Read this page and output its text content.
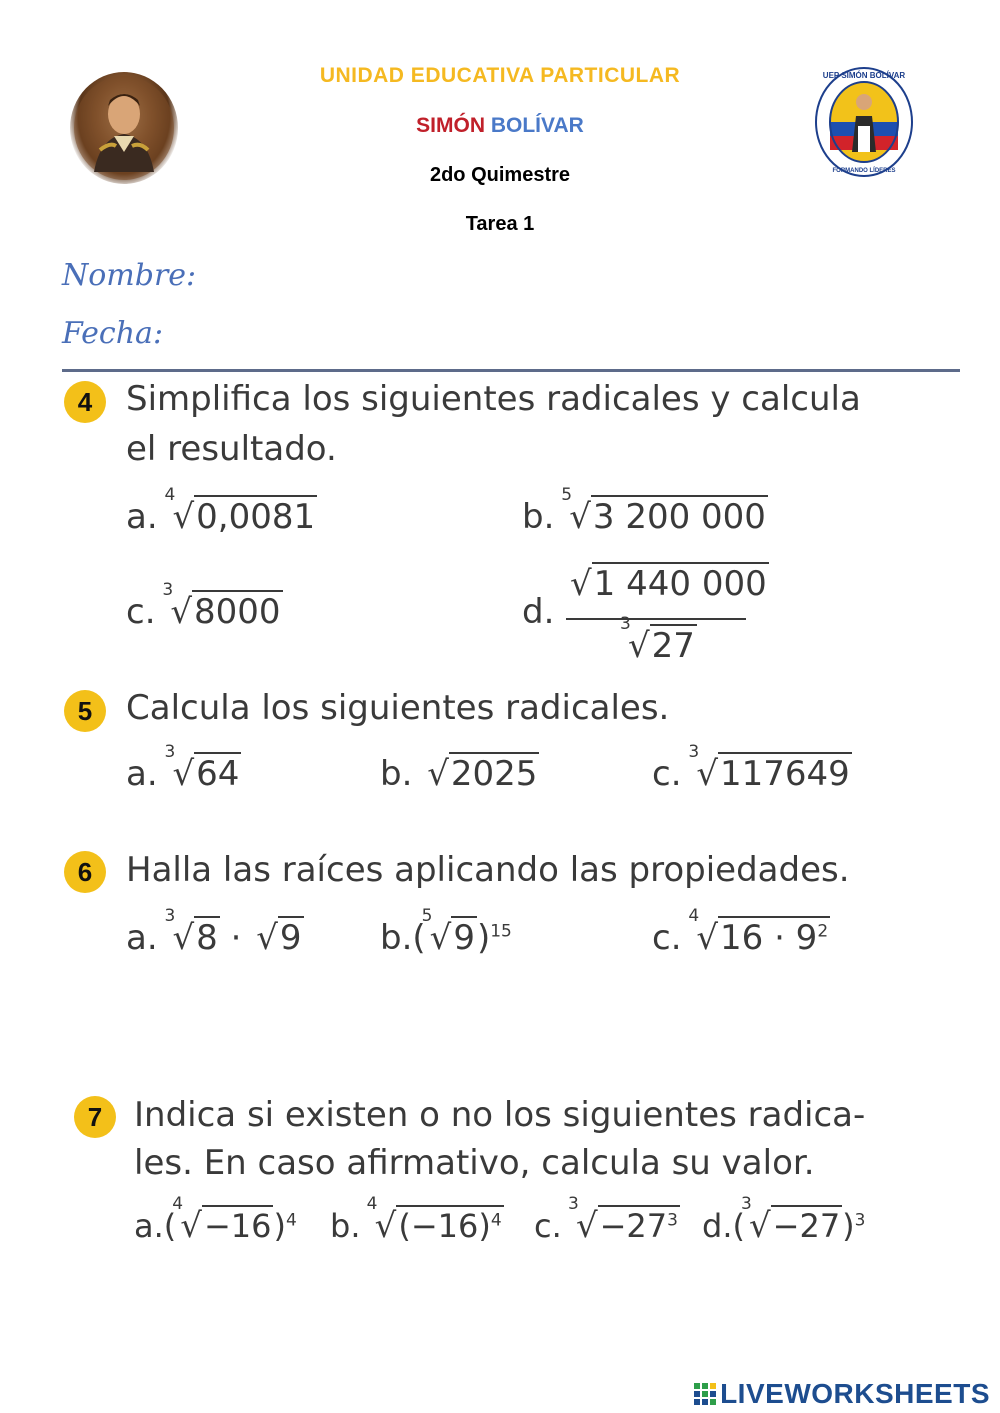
UNIDAD EDUCATIVA PARTICULAR
SIMÓN BOLÍVAR
2do Quimestre
Tarea 1
UEP SIMÓN BOLÍVAR
FORMANDO LÍDERES
Nombre:
Fecha:
4 Simplifica los siguientes radicales y calcula
el resultado.
a.
4
√0,0081	b.
5
√3 200 000
c.
3
√8000	d.
√1 440 000
3
√27
5 Calcula los siguientes radicales.
a.
3
√64	b. √2025	c.
3
√117649
6 Halla las raíces aplicando las propiedades.
a.
3
√8 · √9 b.(
5
√9)$^{15}$	c.
4
$√16 \cdot 9^2$
7 Indica si existen o no los siguientes radica-
les. En caso afirmativo, calcula su valor.
a.(
4
√−16)$^4$ b.
4
$√(-16)^4$ c.
3
$√-27^3$ d.(
3
√−27)$^3$
LIVEWORKSHEETS
